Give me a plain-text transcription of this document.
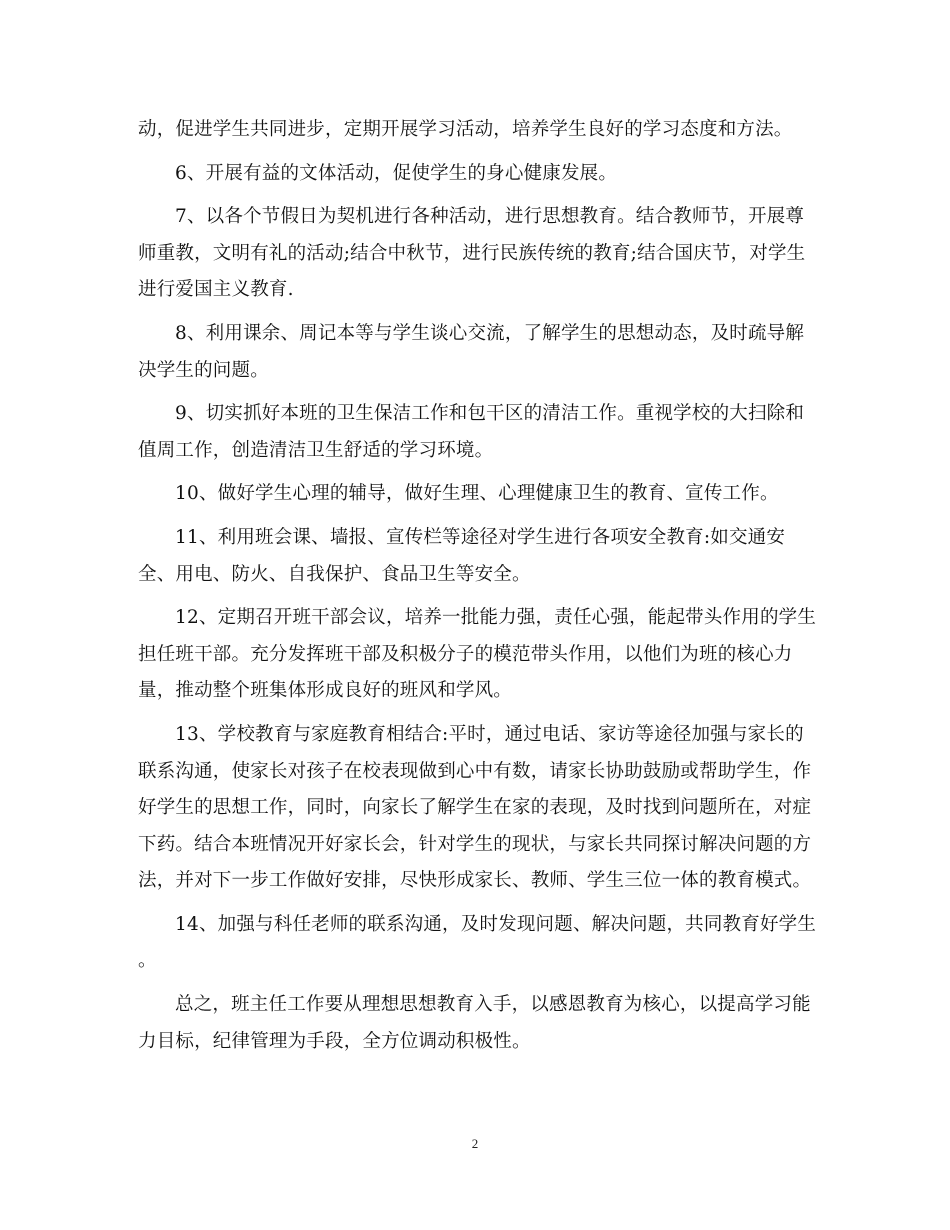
动，促进学生共同进步，定期开展学习活动，培养学生良好的学习态度和方法。

6、开展有益的文体活动，促使学生的身心健康发展。

7、以各个节假日为契机进行各种活动，进行思想教育。结合教师节，开展尊
师重教，文明有礼的活动;结合中秋节，进行民族传统的教育;结合国庆节，对学生
进行爱国主义教育.

8、利用课余、周记本等与学生谈心交流，了解学生的思想动态，及时疏导解
决学生的问题。

9、切实抓好本班的卫生保洁工作和包干区的清洁工作。重视学校的大扫除和
值周工作，创造清洁卫生舒适的学习环境。

10、做好学生心理的辅导，做好生理、心理健康卫生的教育、宣传工作。

11、利用班会课、墙报、宣传栏等途径对学生进行各项安全教育:如交通安
全、用电、防火、自我保护、食品卫生等安全。

12、定期召开班干部会议，培养一批能力强，责任心强，能起带头作用的学生
担任班干部。充分发挥班干部及积极分子的模范带头作用，以他们为班的核心力
量，推动整个班集体形成良好的班风和学风。

13、学校教育与家庭教育相结合:平时，通过电话、家访等途径加强与家长的
联系沟通，使家长对孩子在校表现做到心中有数，请家长协助鼓励或帮助学生，作
好学生的思想工作，同时，向家长了解学生在家的表现，及时找到问题所在，对症
下药。结合本班情况开好家长会，针对学生的现状，与家长共同探讨解决问题的方
法，并对下一步工作做好安排，尽快形成家长、教师、学生三位一体的教育模式。

14、加强与科任老师的联系沟通，及时发现问题、解决问题，共同教育好学生
。

总之，班主任工作要从理想思想教育入手，以感恩教育为核心，以提高学习能
力目标，纪律管理为手段，全方位调动积极性。

2
